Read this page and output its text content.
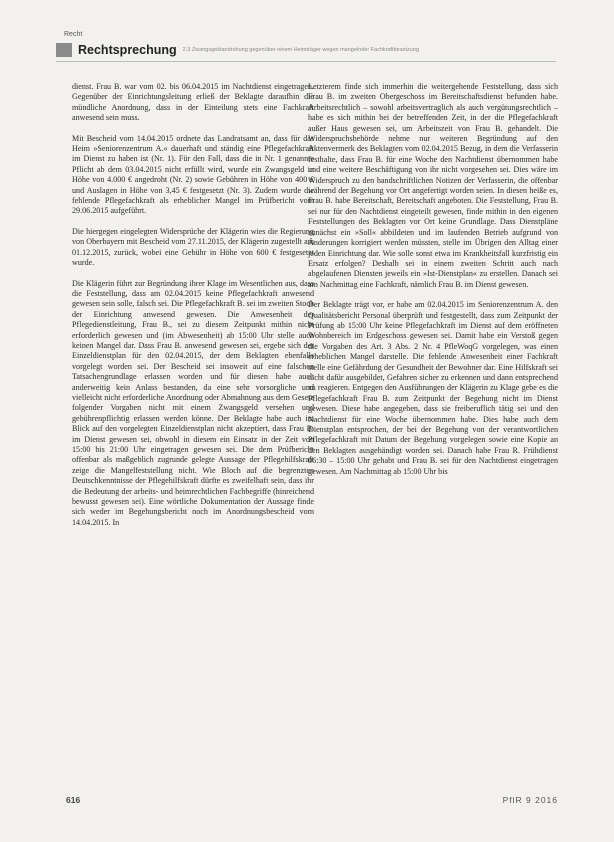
Recht
Rechtsprechung 2.3 Zwangsgeldandrohung gegenüber einem Heimträger wegen mangelnder Fachkraftbesetzung

dienst. Frau B. war vom 02. bis 06.04.2015 im Nachtdienst eingetragen. Gegenüber der Einrichtungsleitung erließ der Beklagte daraufhin die mündliche Anordnung, dass in der Einteilung stets eine Fachkraft anwesend sein muss.

Mit Bescheid vom 14.04.2015 ordnete das Landratsamt an, dass für das Heim »Seniorenzentrum A.« dauerhaft und ständig eine Pflegefachkraft im Dienst zu haben ist (Nr. 1). Für den Fall, dass die in Nr. 1 genannte Pflicht ab dem 03.04.2015 nicht erfüllt wird, wurde ein Zwangsgeld in Höhe von 4.000 € angedroht (Nr. 2) sowie Gebühren in Höhe von 400 € und Auslagen in Höhe von 3,45 € festgesetzt (Nr. 3). Zudem wurde die fehlende Pflegefachkraft als erheblicher Mangel im Prüfbericht vom 29.06.2015 aufgeführt.

Die hiergegen eingelegten Widersprüche der Klägerin wies die Regierung von Oberbayern mit Bescheid vom 27.11.2015, der Klägerin zugestellt am 01.12.2015, zurück, wobei eine Gebühr in Höhe von 600 € festgesetzt wurde.

Die Klägerin führt zur Begründung ihrer Klage im Wesentlichen aus, dass die Feststellung, dass am 02.04.2015 keine Pflegefachkraft anwesend gewesen sein solle, falsch sei. Die Pflegefachkraft B. sei im zweiten Stock der Einrichtung anwesend gewesen. Die Anwesenheit der Pflegedienstleitung, Frau B., sei zu diesem Zeitpunkt mithin nicht erforderlich gewesen und (im Abwesenheit) ab 15:00 Uhr stelle auch keinen Mangel dar. Dass Frau B. anwesend gewesen sei, ergebe sich der Einzeldienstplan für den 02.04.2015, der dem Beklagten ebenfalls vorgelegt worden sei. Der Bescheid sei insoweit auf eine falschen Tatsachengrundlage erlassen worden und für diesen habe auch anderweitig kein Anlass bestanden, da eine sehr vorsorgliche und vielleicht nicht erforderliche Anordnung oder Abmahnung aus dem Gesetz folgender Vorgaben nicht mit einem Zwangsgeld versehen und gebührenpflichtig erlassen werden könne. Der Beklagte habe auch im Blick auf den vorgelegten Einzeldienstplan nicht akzeptiert, dass Frau B. im Dienst gewesen sei, obwohl in diesem ein Einsatz in der Zeit von 15:00 bis 21:00 Uhr eingetragen gewesen sei. Die dem Prüfbericht offenbar als maßgeblich zugrunde gelegte Aussage der Pflegehilfskraft zeige die Mangelfeststellung nicht. Wie Bloch auf die begrenzten Deutschkenntnisse der Pflegehilfskraft dürfte es zweifelhaft sein, dass ihr die Bedeutung der arbeits- und heimrechtlichen Fachbegriffe (hinreichend bewusst gewesen sei). Eine wörtliche Dokumentation der Aussage finde sich weder im Begehungsbericht noch im Anordnungsbescheid vom 14.04.2015. In

Letzterem finde sich immerhin die weitergehende Feststellung, dass sich Frau B. im zweiten Obergeschoss im Bereitschaftsdienst befunden habe. Arbeitsrechtlich – sowohl arbeitsvertraglich als auch vergütungsrechtlich – habe es sich mithin bei der betreffenden Zeit, in der die Pflegefachkraft außer Haus gewesen sei, um Arbeitszeit von Frau B. gehandelt. Die Widerspruchsbehörde nehme nur weiteren Begründung auf den Aktenvermerk des Beklagten vom 02.04.2015 Bezug, in dem die Verfasserin festhalte, dass Frau B. für eine Woche den Nachtdienst übernommen habe und eine weitere Beschäftigung von ihr nicht vorgesehen sei. Dies wäre im Widerspruch zu den handschriftlichen Notizen der Verfasserin, die offenbar während der Begehung vor Ort angefertigt worden seien. In diesen heiße es, Frau B. habe Bereitschaft, Bereitschaft angeboten. Die Feststellung, Frau B. sei nur für den Nachtdienst eingeteilt gewesen, finde mithin in den eigenen Feststellungen des Beklagten vor Ort keine Grundlage. Dass Dienstpläne zunächst ein »Soll« abbildeten und im laufenden Betrieb aufgrund von Änderungen korrigiert werden müssten, stelle im Übrigen den Alltag einer jeden Einrichtung dar. Wie solle sonst etwa im Krankheitsfall kurzfristig ein Ersatz erfolgen? Deshalb sei in einem zweiten Schritt auch nach abgelaufenen Diensten jeweils ein »Ist-Dienstplan« zu erstellen. Danach sei am Nachmittag eine Fachkraft, nämlich Frau B. im Dienst gewesen.

Der Beklagte trägt vor, er habe am 02.04.2015 im Seniorenzentrum A. den Qualitätsbericht Personal überprüft und festgestellt, dass zum Zeitpunkt der Prüfung ab 15:00 Uhr keine Pflegefachkraft im Dienst auf dem eröffneten Wohnbereich im Erdgeschoss gewesen sei. Damit habe ein Verstoß gegen die Vorgaben des Art. 3 Abs. 2 Nr. 4 PfleWoqG vorgelegen, was einen erheblichen Mangel darstelle. Die fehlende Anwesenheit einer Fachkraft stelle eine Gefährdung der Gesundheit der Bewohner dar. Eine Hilfskraft sei nicht dafür ausgebildet, Gefahren sicher zu erkennen und dann entsprechend zu reagieren. Entgegen den Ausführungen der Klägerin zu Klage gebe es die Pflegefachkraft Frau B. zum Zeitpunkt der Begehung nicht im Dienst gewesen. Diese habe angegeben, dass sie freiberuflich tätig sei und den Nachtdienst für eine Woche übernommen habe. Dies habe auch dem Dienstplan entsprochen, der bei der Begehung von der verantwortlichen Pflegefachkraft mit Datum der Begehung vorgelegen sowie eine Kopie an den Beklagten ausgehändigt worden sei. Danach habe Frau R. Frühdienst 06:30 – 15:00 Uhr gehabt und Frau B. sei für den Nachtdienst eingetragen gewesen. Am Nachmittag ab 15:00 Uhr bis

616	PflR 9 2016
